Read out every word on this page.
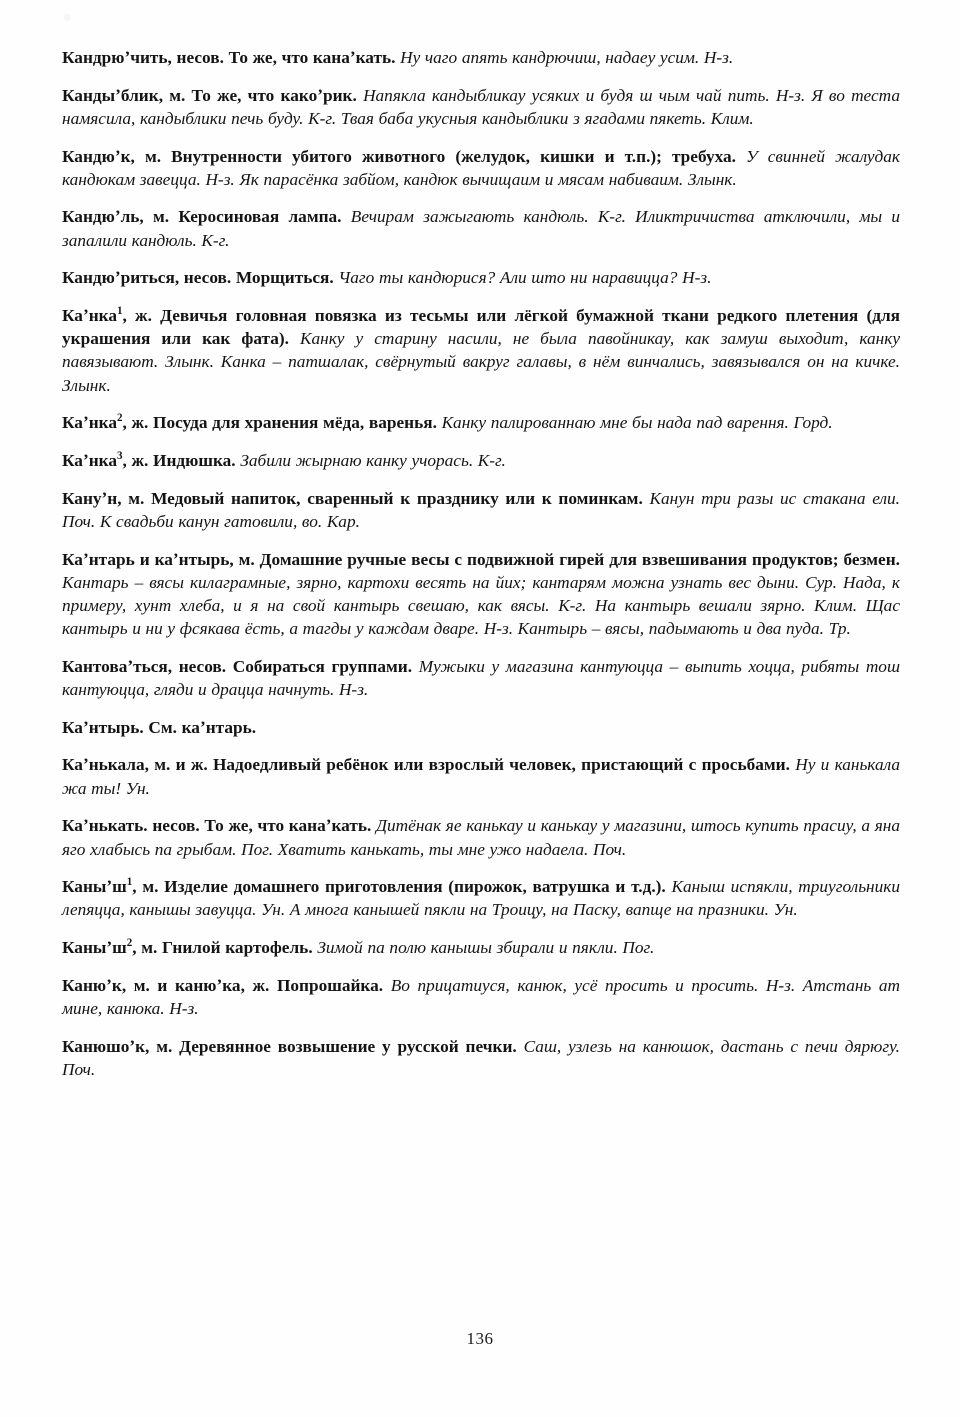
Кандрюʼчить, несов. То же, что канаʼкать. Ну чаго апять кандрючиш, надаеу усим. Н-з.

Кандыʼблик, м. То же, что какоʼрик. Напякла кандыбликау усяких и будя ш чым чай пить. Н-з. Я во теста намясила, кандыблики печь буду. К-г. Твая баба укусныя кандыблики з ягадами пякеть. Клим.

Кандюʼк, м. Внутренности убитого животного (желудок, кишки и т.п.); требуха. У свинней жалудак кандюкам завецца. Н-з. Як парасёнка забйом, кандюк вычищаим и мясам набиваим. Злынк.

Кандюʼль, м. Керосиновая лампа. Вечирам зажыгають кандюль. К-г. Иликтричиства атключили, мы и запалили кандюль. К-г.

Кандюʼриться, несов. Морщиться. Чаго ты кандюрися? Али што ни наравицца? Н-з.

Каʼнка$^1$, ж. Девичья головная повязка из тесьмы или лёгкой бумажной ткани редкого плетения (для украшения или как фата). Канку у старину насили, не была павойникау, как замуш выходит, канку павязывают. Злынк. Канка – патшалак, свёрнутый вакруг галавы, в нём винчались, завязывался он на кичке. Злынк.

Каʼнка$^2$, ж. Посуда для хранения мёда, варенья. Канку палированнаю мне бы нада пад варення. Горд.

Каʼнка$^3$, ж. Индюшка. Забили жырнаю канку учорась. К-г.

Кануʼн, м. Медовый напиток, сваренный к празднику или к поминкам. Канун три разы ис стакана ели. Поч. К свадьби канун гатовили, во. Кар.

Каʼнтарь и каʼнтырь, м. Домашние ручные весы с подвижной гирей для взвешивания продуктов; безмен. Кантарь – вясы килаграмные, зярно, картохи весять на йих; кантарям можна узнать вес дыни. Сур. Нада, к примеру, хунт хлеба, и я на свой кантырь свешаю, как вясы. К-г. На кантырь вешали зярно. Клим. Щас кантырь и ни у фсякава ёсть, а тагды у каждам дваре. Н-з. Кантырь – вясы, падымають и два пуда. Тр.

Кантоваʼться, несов. Собираться группами. Мужыки у магазина кантуюцца – выпить хоцца, рибяты тош кантуюцца, гляди и драцца начнуть. Н-з.

Каʼнтырь. См. каʼнтарь.

Каʼнькала, м. и ж. Надоедливый ребёнок или взрослый человек, пристающий с просьбами. Ну и канькала жа ты! Ун.

Каʼнькать. несов. То же, что канаʼкать. Дитёнак яе канькау и канькау у магазини, штось купить прасиу, а яна яго хлабысь па грыбам. Пог. Хватить канькать, ты мне ужо надаела. Поч.

Каныʼш$^1$, м. Изделие домашнего приготовления (пирожок, ватрушка и т.д.). Каныш испякли, триугольники лепяцца, канышы завуцца. Ун. А многа канышей пякли на Троицу, на Паску, вапще на празники. Ун.

Каныʼш$^2$, м. Гнилой картофель. Зимой па полю канышы збирали и пякли. Пог.

Канюʼк, м. и канюʼка, ж. Попрошайка. Во прицатиуся, канюк, усё просить и просить. Н-з. Атстань ат мине, канюка. Н-з.

Канюшоʼк, м. Деревянное возвышение у русской печки. Саш, узлезь на канюшок, дастань с печи дярюгу. Поч.

136
